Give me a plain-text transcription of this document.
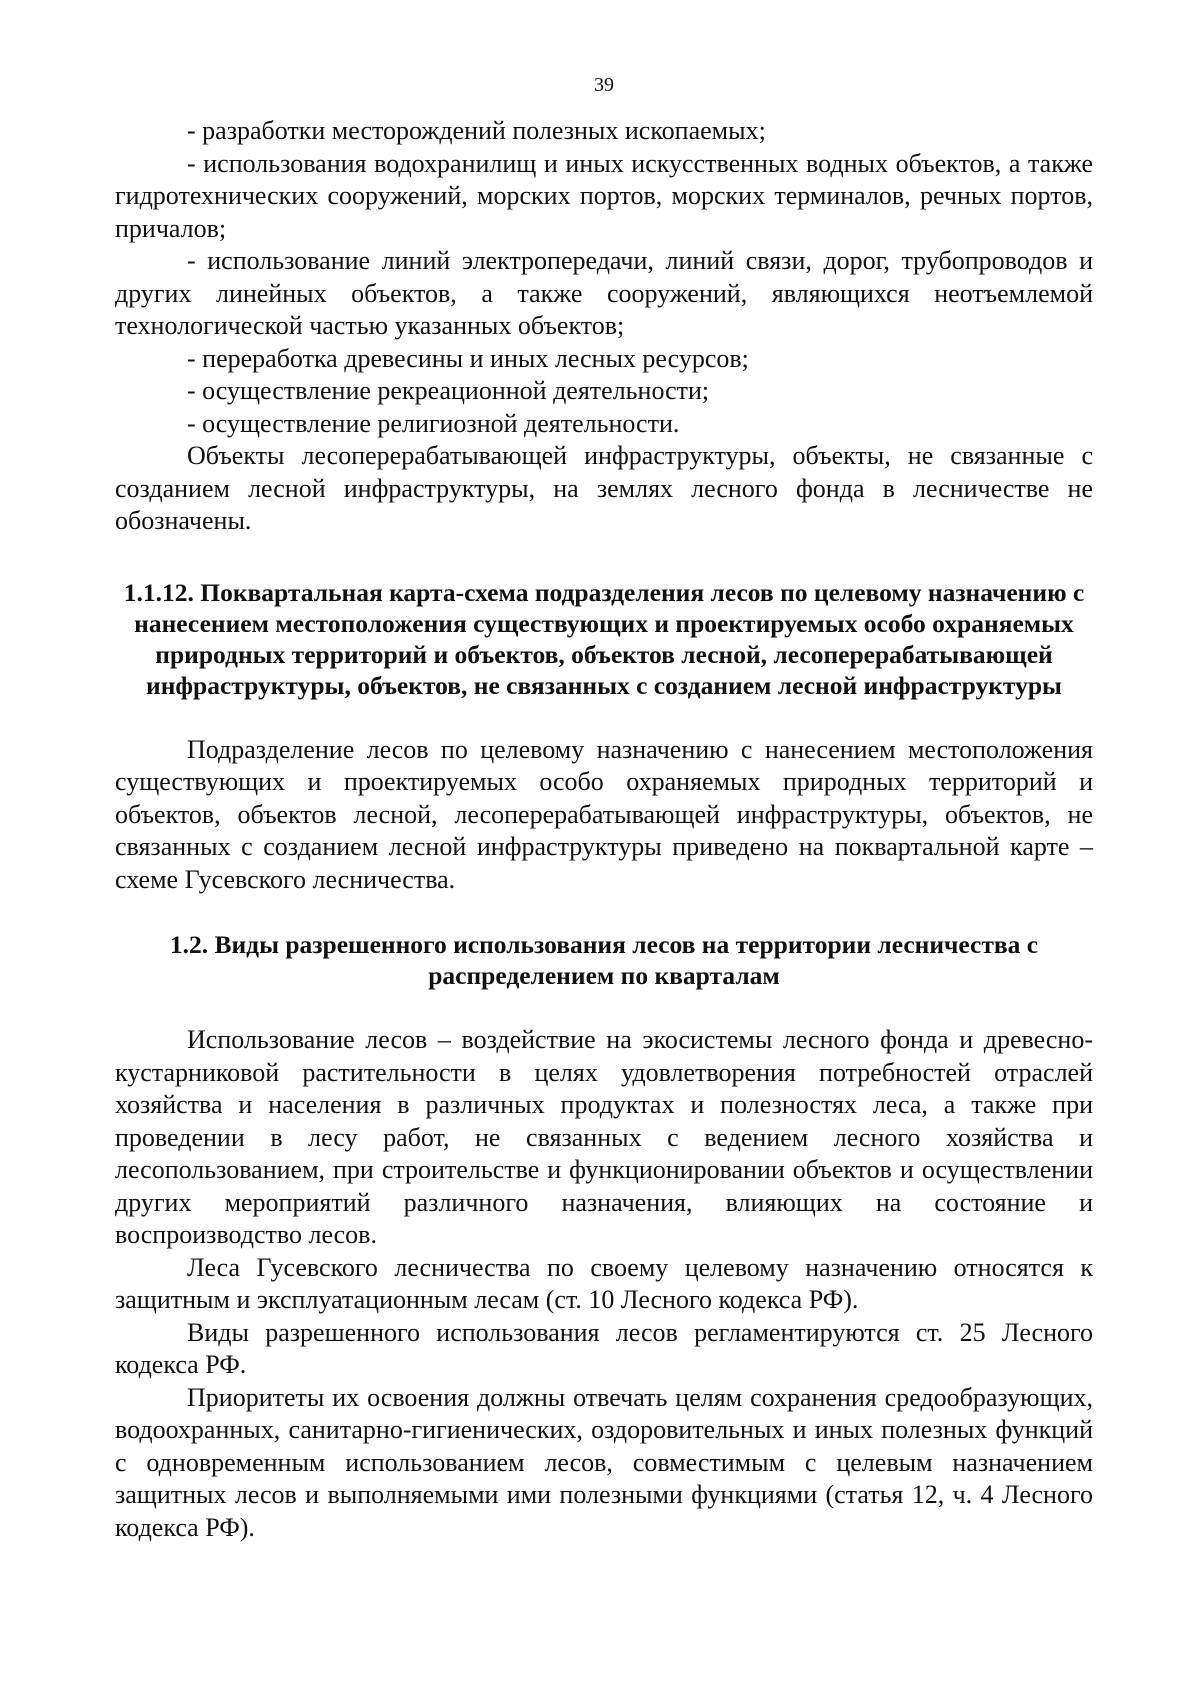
39

- разработки месторождений полезных ископаемых;

- использования водохранилищ и иных искусственных водных объектов, а также гидротехнических сооружений, морских портов, морских терминалов, речных портов, причалов;

- использование линий электропередачи, линий связи, дорог, трубопроводов и других линейных объектов, а также сооружений, являющихся неотъемлемой технологической частью указанных объектов;

- переработка древесины и иных лесных ресурсов;

- осуществление рекреационной деятельности;

- осуществление религиозной деятельности.

Объекты лесоперерабатывающей инфраструктуры, объекты, не связанные с созданием лесной инфраструктуры, на землях лесного фонда в лесничестве не обозначены.

1.1.12. Поквартальная карта-схема подразделения лесов по целевому назначению с нанесением местоположения существующих и проектируемых особо охраняемых природных территорий и объектов, объектов лесной, лесоперерабатывающей инфраструктуры, объектов, не связанных с созданием лесной инфраструктуры

Подразделение лесов по целевому назначению с нанесением местоположения существующих и проектируемых особо охраняемых природных территорий и объектов, объектов лесной, лесоперерабатывающей инфраструктуры, объектов, не связанных с созданием лесной инфраструктуры приведено на поквартальной карте – схеме Гусевского лесничества.

1.2. Виды разрешенного использования лесов на территории лесничества с распределением по кварталам

Использование лесов – воздействие на экосистемы лесного фонда и древесно-кустарниковой растительности в целях удовлетворения потребностей отраслей хозяйства и населения в различных продуктах и полезностях леса, а также при проведении в лесу работ, не связанных с ведением лесного хозяйства и лесопользованием, при строительстве и функционировании объектов и осуществлении других мероприятий различного назначения, влияющих на состояние и воспроизводство лесов.

Леса Гусевского лесничества по своему целевому назначению относятся к защитным и эксплуатационным лесам (ст. 10 Лесного кодекса РФ).

Виды разрешенного использования лесов регламентируются ст. 25 Лесного кодекса РФ.

Приоритеты их освоения должны отвечать целям сохранения средообразующих, водоохранных, санитарно-гигиенических, оздоровительных и иных полезных функций с одновременным использованием лесов, совместимым с целевым назначением защитных лесов и выполняемыми ими полезными функциями (статья 12, ч. 4 Лесного кодекса РФ).
